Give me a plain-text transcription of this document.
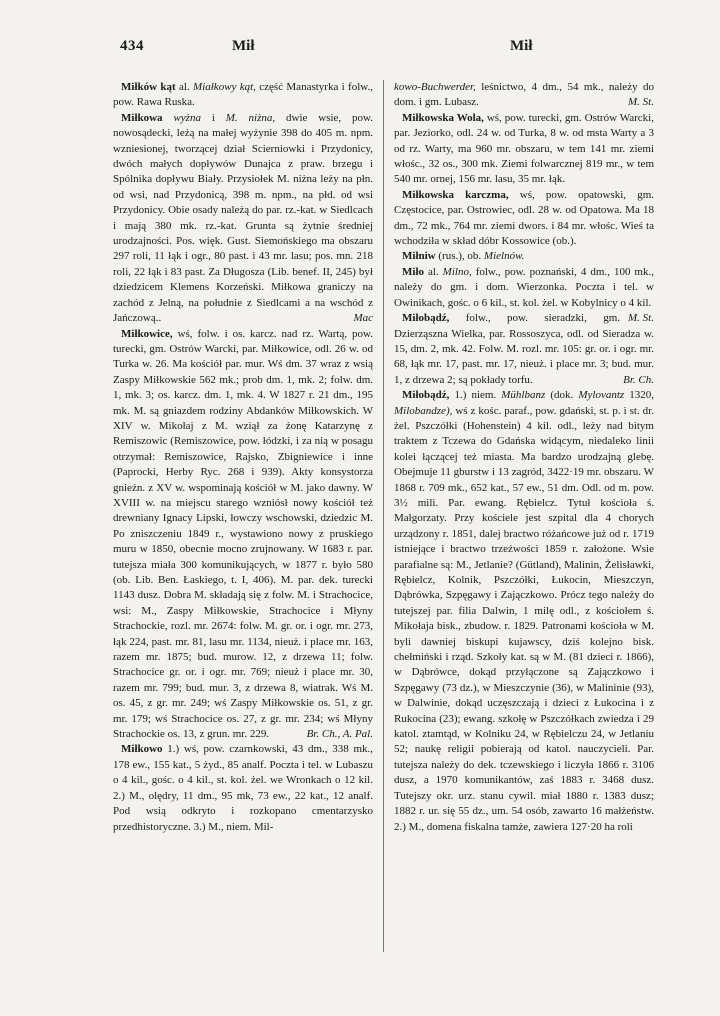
434	Mił	Mił

Miłków kąt al. Miałkowy kąt, część Manastyrka i folw., pow. Rawa Ruska.

Miłkowa wyżna i M. niżna, dwie wsie, pow. nowosądecki, leżą na małej wyżynie 398 do 405 m. npm. wzniesionej, tworzącej dział Scierniowki i Przydonicy, dwóch małych dopływów Dunajca z praw. brzegu i Spólnika dopływu Biały. Przysiołek M. niżna leży na płn. od wsi, nad Przydonicą, 398 m. npm., na płd. od wsi Przydonicy. Obie osady należą do par. rz.-kat. w Siedlcach i mają 380 mk. rz.-kat. Grunta są żytnie średniej urodzajności. Pos. więk. Gust. Siemońskiego ma obszaru 297 roli, 11 łąk i ogr., 80 past. i 43 mr. lasu; pos. mn. 218 roli, 22 łąk i 83 past. Za Długosza (Lib. benef. II, 245) był dziedzicem Klemens Korzeński. Miłkowa graniczy na zachód z Jelną, na południe z Siedlcami a na wschód z Jańczową..	Mac

Miłkowice, wś, folw. i os. karcz. nad rz. Wartą, pow. turecki, gm. Ostrów Warcki, par. Miłkowice, odl. 26 w. od Turka w. 26. Ma kościół par. mur. Wś dm. 37 wraz z wsią Zaspy Miłkowskie 562 mk.; prob dm. 1, mk. 2; folw. dm. 1, mk. 3; os. karcz. dm. 1, mk. 4. W 1827 r. 21 dm., 195 mk. M. są gniazdem rodziny Abdanków Miłkowskich. W XIV w. Mikołaj z M. wziął za żonę Katarzynę z Remiszowic (Remiszowice, pow. łódzki, i za nią w posagu otrzymał: Remiszowice, Rajsko, Zbigniewice i inne (Paprocki, Herby Ryc. 268 i 939). Akty konsystorza gnieźn. z XV w. wspominają kościół w M. jako dawny. W XVIII w. na miejscu starego wzniósł nowy kościół też drewniany Ignacy Lipski, łowczy wschowski, dziedzic M. Po zniszczeniu 1849 r., wystawiono nowy z pruskiego muru w 1850, obecnie mocno zrujnowany. W 1683 r. par. tutejsza miała 300 komunikujących, w 1877 r. było 580 (ob. Lib. Ben. Łaskiego, t. I, 406). M. par. dek. turecki 1143 dusz. Dobra M. składają się z folw. M. i Strachocice, wsi: M., Zaspy Miłkowskie, Strachocice i Młyny Strachockie, rozl. mr. 2674: folw. M. gr. or. i ogr. mr. 273, łąk 224, past. mr. 81, lasu mr. 1134, nieuż. i place mr. 163, razem mr. 1875; bud. murow. 12, z drzewa 11; folw. Strachocice gr. or. i ogr. mr. 769; nieuż i place mr. 30, razem mr. 799; bud. mur. 3, z drzewa 8, wiatrak. Wś M. os. 45, z gr. mr. 249; wś Zaspy Miłkowskie os. 51, z gr. mr. 179; wś Strachocice os. 27, z gr. mr. 234; wś Młyny Strachockie os. 13, z grun. mr. 229.	Br. Ch., A. Pal.

Miłkowo 1.) wś, pow. czarnkowski, 43 dm., 338 mk., 178 ew., 155 kat., 5 żyd., 85 analf. Poczta i tel. w Lubaszu o 4 kil., gośc. o 4 kil., st. kol. żel. we Wronkach o 12 kil. 2.) M., olędry, 11 dm., 95 mk, 73 ew., 22 kat., 12 analf. Pod wsią odkryto i rozkopano cmentarzysko przedhistoryczne. 3.) M., niem. Mil-

kowo-Buchwerder, leśnictwo, 4 dm., 54 mk., należy do dom. i gm. Lubasz.	M. St.

Miłkowska Wola, wś, pow. turecki, gm. Ostrów Warcki, par. Jeziorko, odl. 24 w. od Turka, 8 w. od msta Warty a 3 od rz. Warty, ma 960 mr. obszaru, w tem 141 mr. ziemi włośc., 32 os., 300 mk. Ziemi folwarcznej 819 mr., w tem 540 mr. ornej, 156 mr. lasu, 35 mr. łąk.

Miłkowska karczma, wś, pow. opatowski, gm. Częstocice, par. Ostrowiec, odl. 28 w. od Opatowa. Ma 18 dm., 72 mk., 764 mr. ziemi dwors. i 84 mr. włośc. Wieś ta wchodziła w skład dóbr Kossowice (ob.).

Miłniw (rus.), ob. Mielnów.

Miło al. Milno, folw., pow. poznański, 4 dm., 100 mk., należy do gm. i dom. Wierzonka. Poczta i tel. w Owinikach, gośc. o 6 kil., st. kol. żel. w Kobylnicy o 4 kil.
M. St.

Miłobądź, folw., pow. sieradzki, gm. Dzierząszna Wielka, par. Rossoszyca, odl. od Sieradza w. 15, dm. 2, mk. 42. Folw. M. rozl. mr. 105: gr. or. i ogr. mr. 68, łąk mr. 17, past. mr. 17, nieuż. i place mr. 3; bud. mur. 1, z drzewa 2; są pokłady torfu.	Br. Ch.

Miłobądź, 1.) niem. Mühlbanz (dok. Mylovantz 1320, Milobandze), wś z kośc. paraf., pow. gdański, st. p. i st. dr. żel. Pszczółki (Hohenstein) 4 kil. odl., leży nad bitym traktem z Tczewa do Gdańska widącym, niedaleko linii kolei łączącej też miasta. Ma bardzo urodzajną glebę. Obejmuje 11 gburstw i 13 zagród, 3422·19 mr. obszaru. W 1868 r. 709 mk., 652 kat., 57 ew., 51 dm. Odl. od m. pow. 3½ mili. Par. ewang. Rębielcz. Tytuł kościoła ś. Małgorzaty. Przy kościele jest szpital dla 4 chorych urządzony r. 1851, dalej bractwo różańcowe już od r. 1719 istniejące i bractwo trzeźwości 1859 r. założone. Wsie parafialne są: M., Jetlanie? (Gütland), Malinin, Żelisławki, Rębielcz, Kolnik, Pszczółki, Łukocin, Mieszczyn, Dąbrówka, Szpęgawy i Zajączkowo. Prócz tego należy do tutejszej par. filia Dalwin, 1 milę odl., z kościołem ś. Mikołaja bisk., zbudow. r. 1829. Patronami kościoła w M. byli dawniej biskupi kujawscy, dziś kolejno bisk. chełmiński i rząd. Szkoły kat. są w M. (81 dzieci r. 1866), w Dąbrówce, dokąd przyłączone są Zajączkowo i Szpęgawy (73 dz.), w Mieszczynie (36), w Malininie (93), w Dalwinie, dokąd uczęszczają i dzieci z Łukocina i z Rukocina (23); ewang. szkołę w Pszczółkach zwiedza i 29 katol. ztamtąd, w Kolniku 24, w Rębielczu 24, w Jetlaniu 52; naukę religii pobierają od katol. nauczycieli. Par. tutejsza należy do dek. tczewskiego i liczyła 1866 r. 3106 dusz, a 1970 komunikantów, zaś 1883 r. 3468 dusz. Tutejszy okr. urz. stanu cywil. miał 1880 r. 1383 dusz; 1882 r. ur. się 55 dz., um. 54 osób, zawarto 16 małżeństw. 2.) M., domena fiskalna tamże, zawiera 127·20 ha roli
